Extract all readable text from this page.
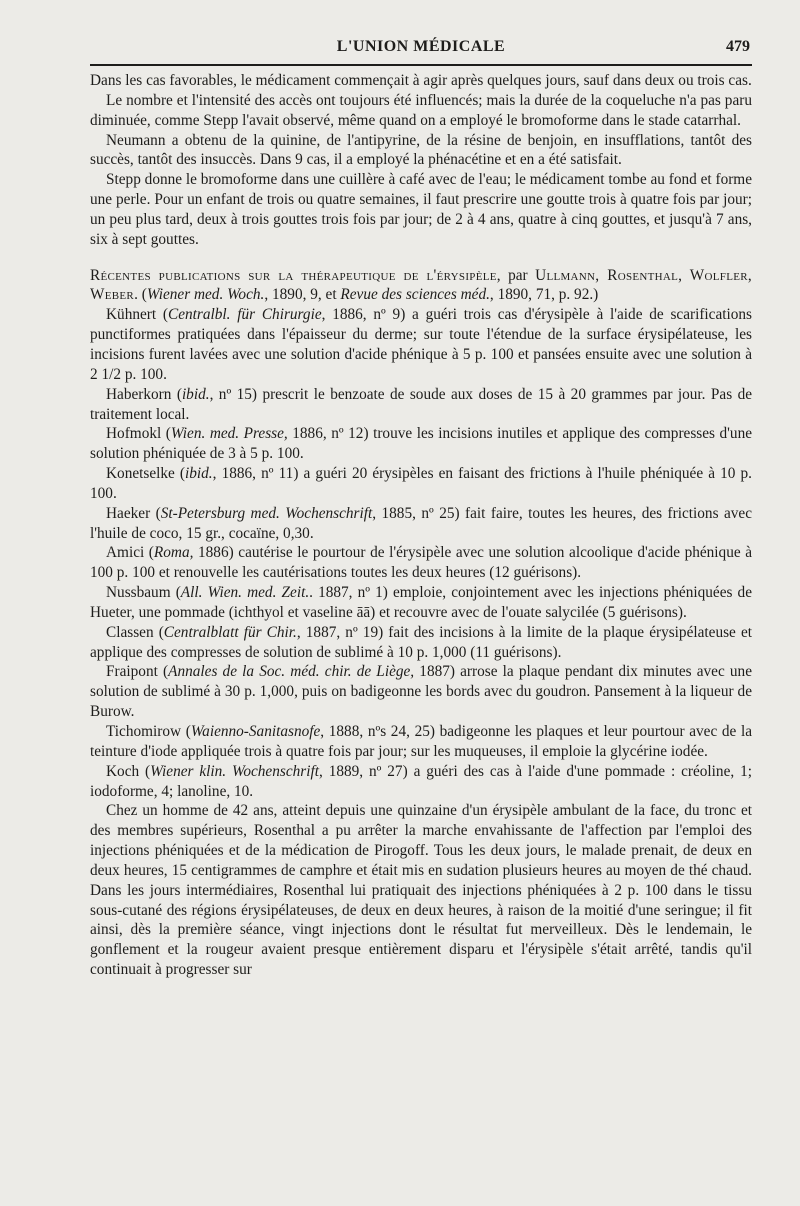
L'UNION MÉDICALE	479

Dans les cas favorables, le médicament commençait à agir après quelques jours, sauf dans deux ou trois cas.

Le nombre et l'intensité des accès ont toujours été influencés; mais la durée de la coqueluche n'a pas paru diminuée, comme Stepp l'avait observé, même quand on a employé le bromoforme dans le stade catarrhal.

Neumann a obtenu de la quinine, de l'antipyrine, de la résine de benjoin, en insufflations, tantôt des succès, tantôt des insuccès. Dans 9 cas, il a employé la phénacétine et en a été satisfait.

Stepp donne le bromoforme dans une cuillère à café avec de l'eau; le médicament tombe au fond et forme une perle. Pour un enfant de trois ou quatre semaines, il faut prescrire une goutte trois à quatre fois par jour; un peu plus tard, deux à trois gouttes trois fois par jour; de 2 à 4 ans, quatre à cinq gouttes, et jusqu'à 7 ans, six à sept gouttes.

Récentes publications sur la thérapeutique de l'érysipèle, par Ullmann, Rosenthal, Wolfler, Weber. (Wiener med. Woch., 1890, 9, et Revue des sciences méd., 1890, 71, p. 92.)

Kühnert (Centralbl. für Chirurgie, 1886, nº 9) a guéri trois cas d'érysipèle à l'aide de scarifications punctiformes pratiquées dans l'épaisseur du derme; sur toute l'étendue de la surface érysipélateuse, les incisions furent lavées avec une solution d'acide phénique à 5 p. 100 et pansées ensuite avec une solution à 2 1/2 p. 100.

Haberkorn (ibid., nº 15) prescrit le benzoate de soude aux doses de 15 à 20 grammes par jour. Pas de traitement local.

Hofmokl (Wien. med. Presse, 1886, nº 12) trouve les incisions inutiles et applique des compresses d'une solution phéniquée de 3 à 5 p. 100.

Konetselke (ibid., 1886, nº 11) a guéri 20 érysipèles en faisant des frictions à l'huile phéniquée à 10 p. 100.

Haeker (St-Petersburg med. Wochenschrift, 1885, nº 25) fait faire, toutes les heures, des frictions avec l'huile de coco, 15 gr., cocaïne, 0,30.

Amici (Roma, 1886) cautérise le pourtour de l'érysipèle avec une solution alcoolique d'acide phénique à 100 p. 100 et renouvelle les cautérisations toutes les deux heures (12 guérisons).

Nussbaum (All. Wien. med. Zeit.. 1887, nº 1) emploie, conjointement avec les injections phéniquées de Hueter, une pommade (ichthyol et vaseline āā) et recouvre avec de l'ouate salycilée (5 guérisons).

Classen (Centralblatt für Chir., 1887, nº 19) fait des incisions à la limite de la plaque érysipélateuse et applique des compresses de solution de sublimé à 10 p. 1,000 (11 guérisons).

Fraipont (Annales de la Soc. méd. chir. de Liège, 1887) arrose la plaque pendant dix minutes avec une solution de sublimé à 30 p. 1,000, puis on badigeonne les bords avec du goudron. Pansement à la liqueur de Burow.

Tichomirow (Waienno-Sanitasnofe, 1888, nºs 24, 25) badigeonne les plaques et leur pourtour avec de la teinture d'iode appliquée trois à quatre fois par jour; sur les muqueuses, il emploie la glycérine iodée.

Koch (Wiener klin. Wochenschrift, 1889, nº 27) a guéri des cas à l'aide d'une pommade : créoline, 1; iodoforme, 4; lanoline, 10.

Chez un homme de 42 ans, atteint depuis une quinzaine d'un érysipèle ambulant de la face, du tronc et des membres supérieurs, Rosenthal a pu arrêter la marche envahissante de l'affection par l'emploi des injections phéniquées et de la médication de Pirogoff. Tous les deux jours, le malade prenait, de deux en deux heures, 15 centigrammes de camphre et était mis en sudation plusieurs heures au moyen de thé chaud. Dans les jours intermédiaires, Rosenthal lui pratiquait des injections phéniquées à 2 p. 100 dans le tissu sous-cutané des régions érysipélateuses, de deux en deux heures, à raison de la moitié d'une seringue; il fit ainsi, dès la première séance, vingt injections dont le résultat fut merveilleux. Dès le lendemain, le gonflement et la rougeur avaient presque entièrement disparu et l'érysipèle s'était arrêté, tandis qu'il continuait à progresser sur
